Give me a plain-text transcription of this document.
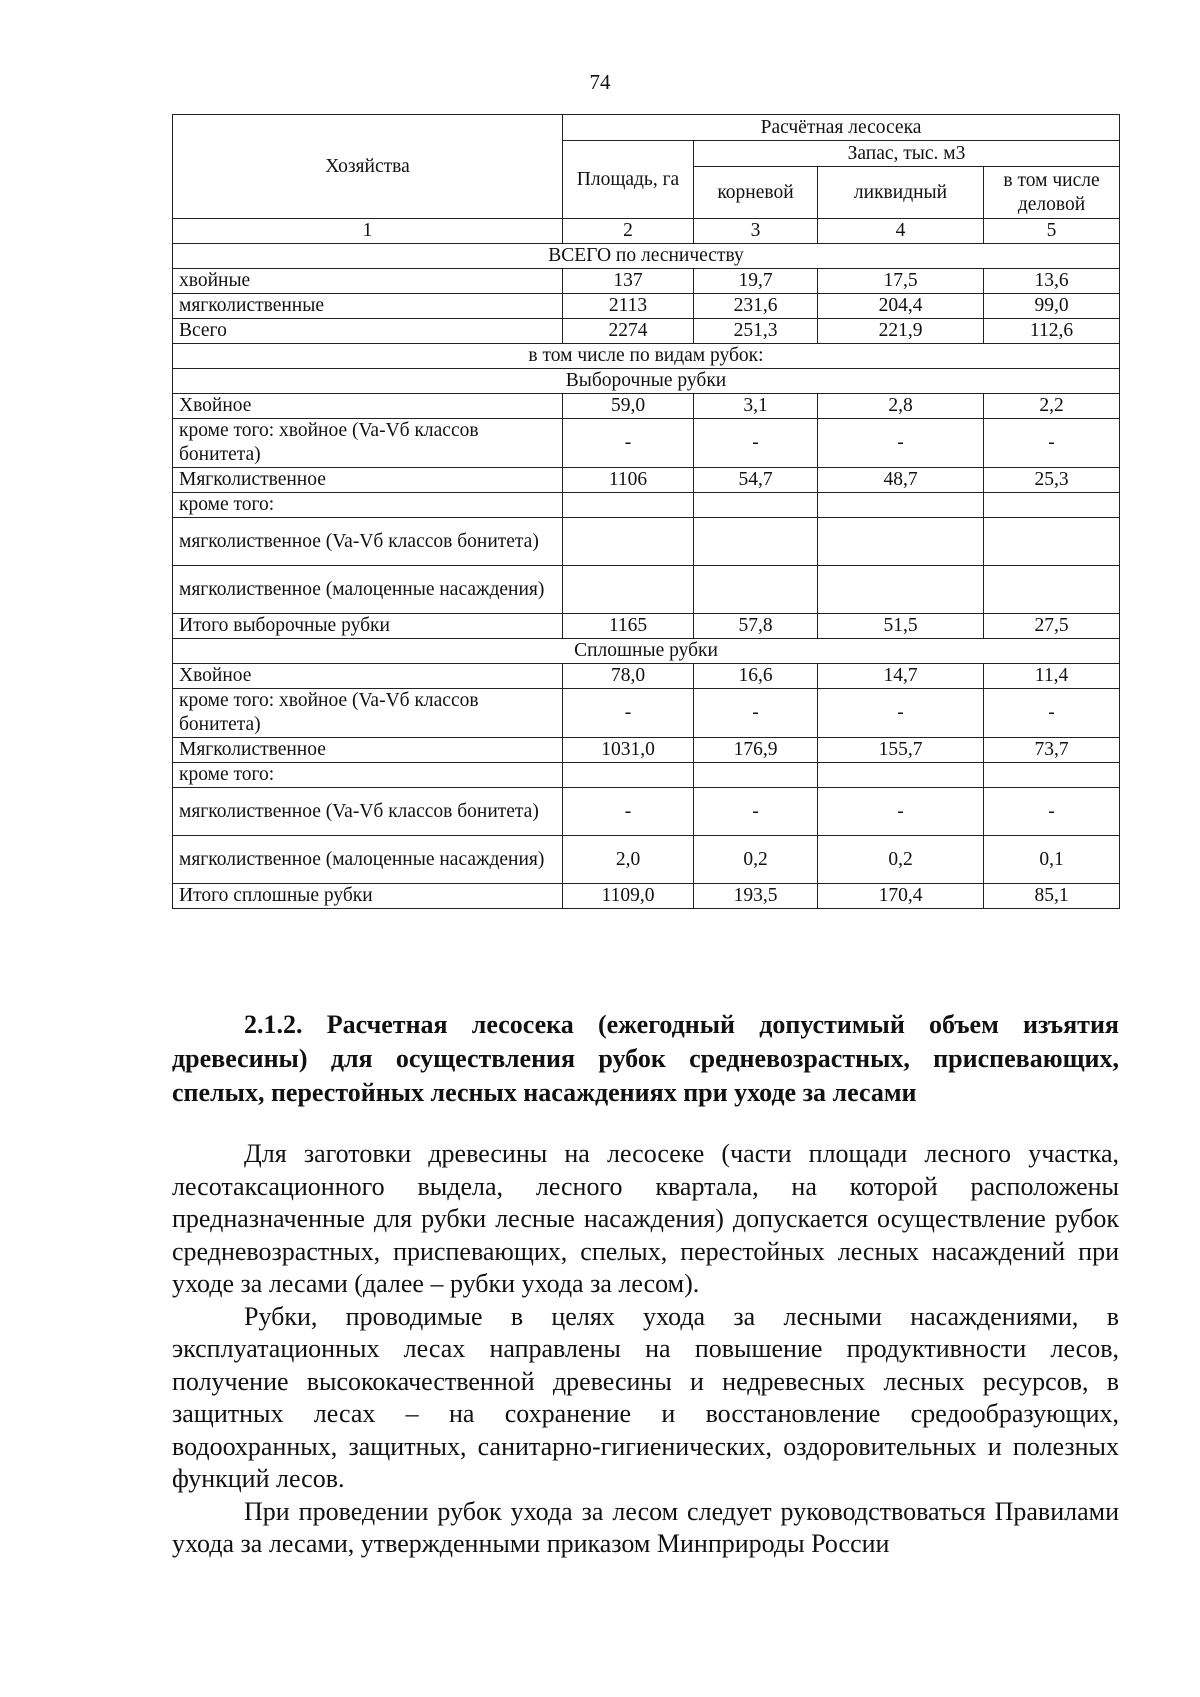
74
Хозяйства	Расчётная лесосека			
	Площадь, га	Запас, тыс. м3		
		корневой	ликвидный	в том числе деловой
1	2	3	4	5
ВСЕГО по лесничеству				
хвойные	137	19,7	17,5	13,6
мягколиственные	2113	231,6	204,4	99,0
Всего	2274	251,3	221,9	112,6
в том числе по видам рубок:				
Выборочные рубки				
Хвойное	59,0	3,1	2,8	2,2
кроме того: хвойное (Va-Vб классов бонитета)	-	-	-	-
Мягколиственное	1106	54,7	48,7	25,3
кроме того:				
мягколиственное (Va-Vб классов бонитета)				
мягколиственное (малоценные насаждения)				
Итого выборочные рубки	1165	57,8	51,5	27,5
Сплошные рубки				
Хвойное	78,0	16,6	14,7	11,4
кроме того: хвойное (Va-Vб классов бонитета)	-	-	-	-
Мягколиственное	1031,0	176,9	155,7	73,7
кроме того:				
мягколиственное (Va-Vб классов бонитета)	-	-	-	-
мягколиственное (малоценные насаждения)	2,0	0,2	0,2	0,1
Итого сплошные рубки	1109,0	193,5	170,4	85,1

2.1.2. Расчетная лесосека (ежегодный допустимый объем изъятия древесины) для осуществления рубок средневозрастных, приспевающих, спелых, перестойных лесных насаждениях при уходе за лесами

Для заготовки древесины на лесосеке (части площади лесного участка, лесотаксационного выдела, лесного квартала, на которой расположены предназначенные для рубки лесные насаждения) допускается осуществление рубок средневозрастных, приспевающих, спелых, перестойных лесных насаждений при уходе за лесами (далее – рубки ухода за лесом).

Рубки, проводимые в целях ухода за лесными насаждениями, в эксплуатационных лесах направлены на повышение продуктивности лесов, получение высококачественной древесины и недревесных лесных ресурсов, в защитных лесах – на сохранение и восстановление средообразующих, водоохранных, защитных, санитарно-гигиенических, оздоровительных и полезных функций лесов.

При проведении рубок ухода за лесом следует руководствоваться Правилами ухода за лесами, утвержденными приказом Минприроды России
